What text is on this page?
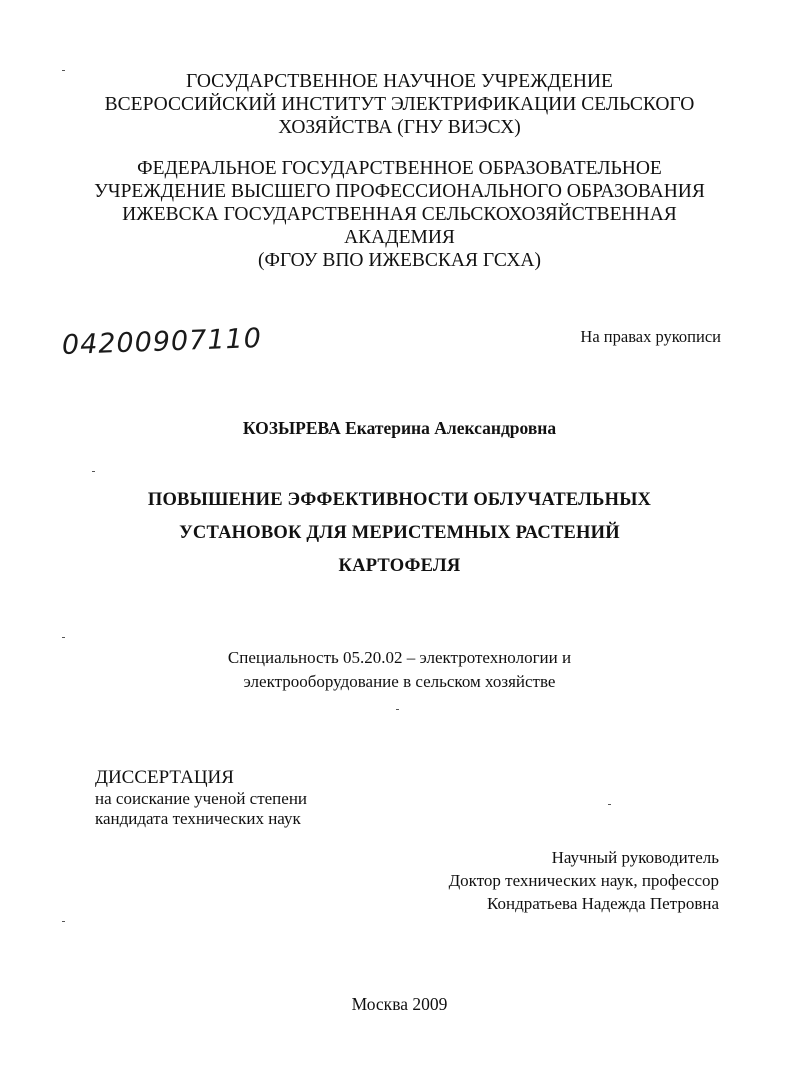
ГОСУДАРСТВЕННОЕ НАУЧНОЕ УЧРЕЖДЕНИЕ
ВСЕРОССИЙСКИЙ ИНСТИТУТ ЭЛЕКТРИФИКАЦИИ СЕЛЬСКОГО
ХОЗЯЙСТВА (ГНУ ВИЭСХ)
ФЕДЕРАЛЬНОЕ ГОСУДАРСТВЕННОЕ ОБРАЗОВАТЕЛЬНОЕ
УЧРЕЖДЕНИЕ ВЫСШЕГО ПРОФЕССИОНАЛЬНОГО ОБРАЗОВАНИЯ
ИЖЕВСКА ГОСУДАРСТВЕННАЯ СЕЛЬСКОХОЗЯЙСТВЕННАЯ
АКАДЕМИЯ
(ФГОУ ВПО ИЖЕВСКАЯ ГСХА)
04200907110	На правах рукописи
КОЗЫРЕВА Екатерина Александровна
ПОВЫШЕНИЕ ЭФФЕКТИВНОСТИ ОБЛУЧАТЕЛЬНЫХ
УСТАНОВОК ДЛЯ МЕРИСТЕМНЫХ РАСТЕНИЙ
КАРТОФЕЛЯ
Специальность 05.20.02 – электротехнологии и
электрооборудование в сельском хозяйстве
ДИССЕРТАЦИЯ
на соискание ученой степени
кандидата технических наук
Научный руководитель
Доктор технических наук, профессор
Кондратьева Надежда Петровна
Москва 2009
